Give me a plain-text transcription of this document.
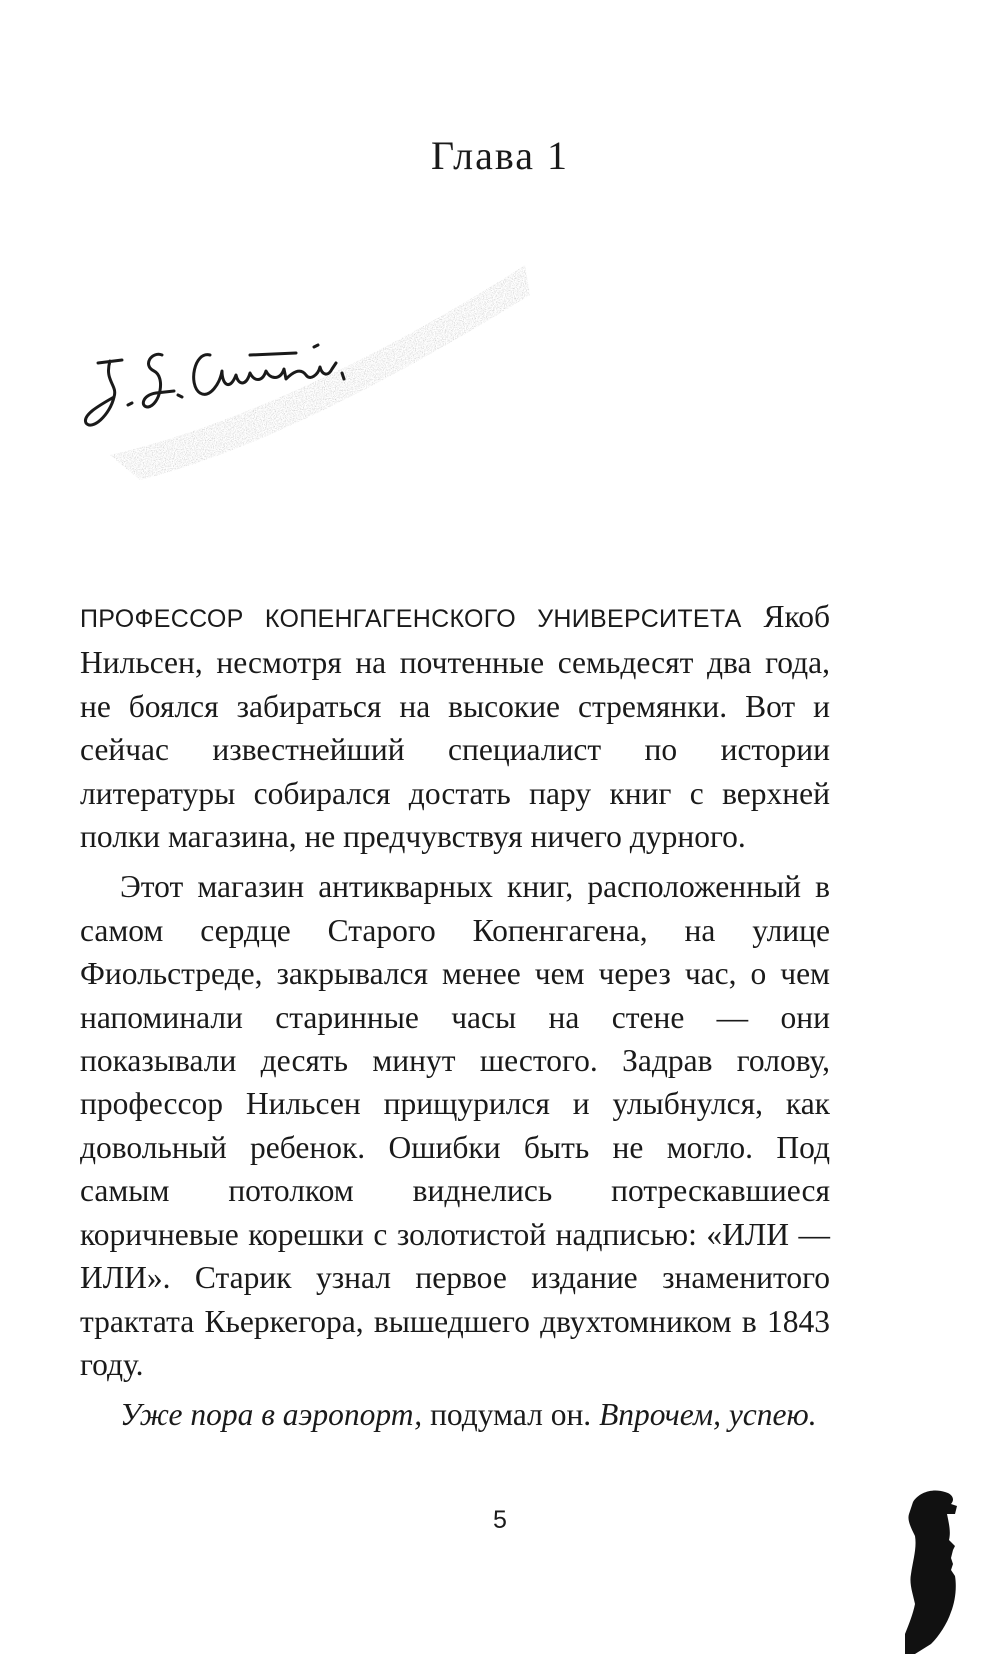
Глава 1

ПРОФЕССОР КОПЕНГАГЕНСКОГО УНИВЕРСИТЕТА Якоб Нильсен, несмотря на почтенные семьдесят два года, не боялся забираться на высокие стремянки. Вот и сейчас известнейший специалист по истории литературы собирался достать пару книг с верхней полки магазина, не предчувствуя ничего дурного.

Этот магазин антикварных книг, расположенный в самом сердце Старого Копенгагена, на улице Фиольстреде, закрывался менее чем через час, о чем напоминали старинные часы на стене — они показывали десять минут шестого. Задрав голову, профессор Нильсен прищурился и улыбнулся, как довольный ребенок. Ошибки быть не могло. Под самым потолком виднелись потрескавшиеся коричневые корешки с золотистой надписью: «ИЛИ — ИЛИ». Старик узнал первое издание знаменитого трактата Кьеркегора, вышедшего двухтомником в 1843 году.

Уже пора в аэропорт, подумал он. Впрочем, успею.

5
